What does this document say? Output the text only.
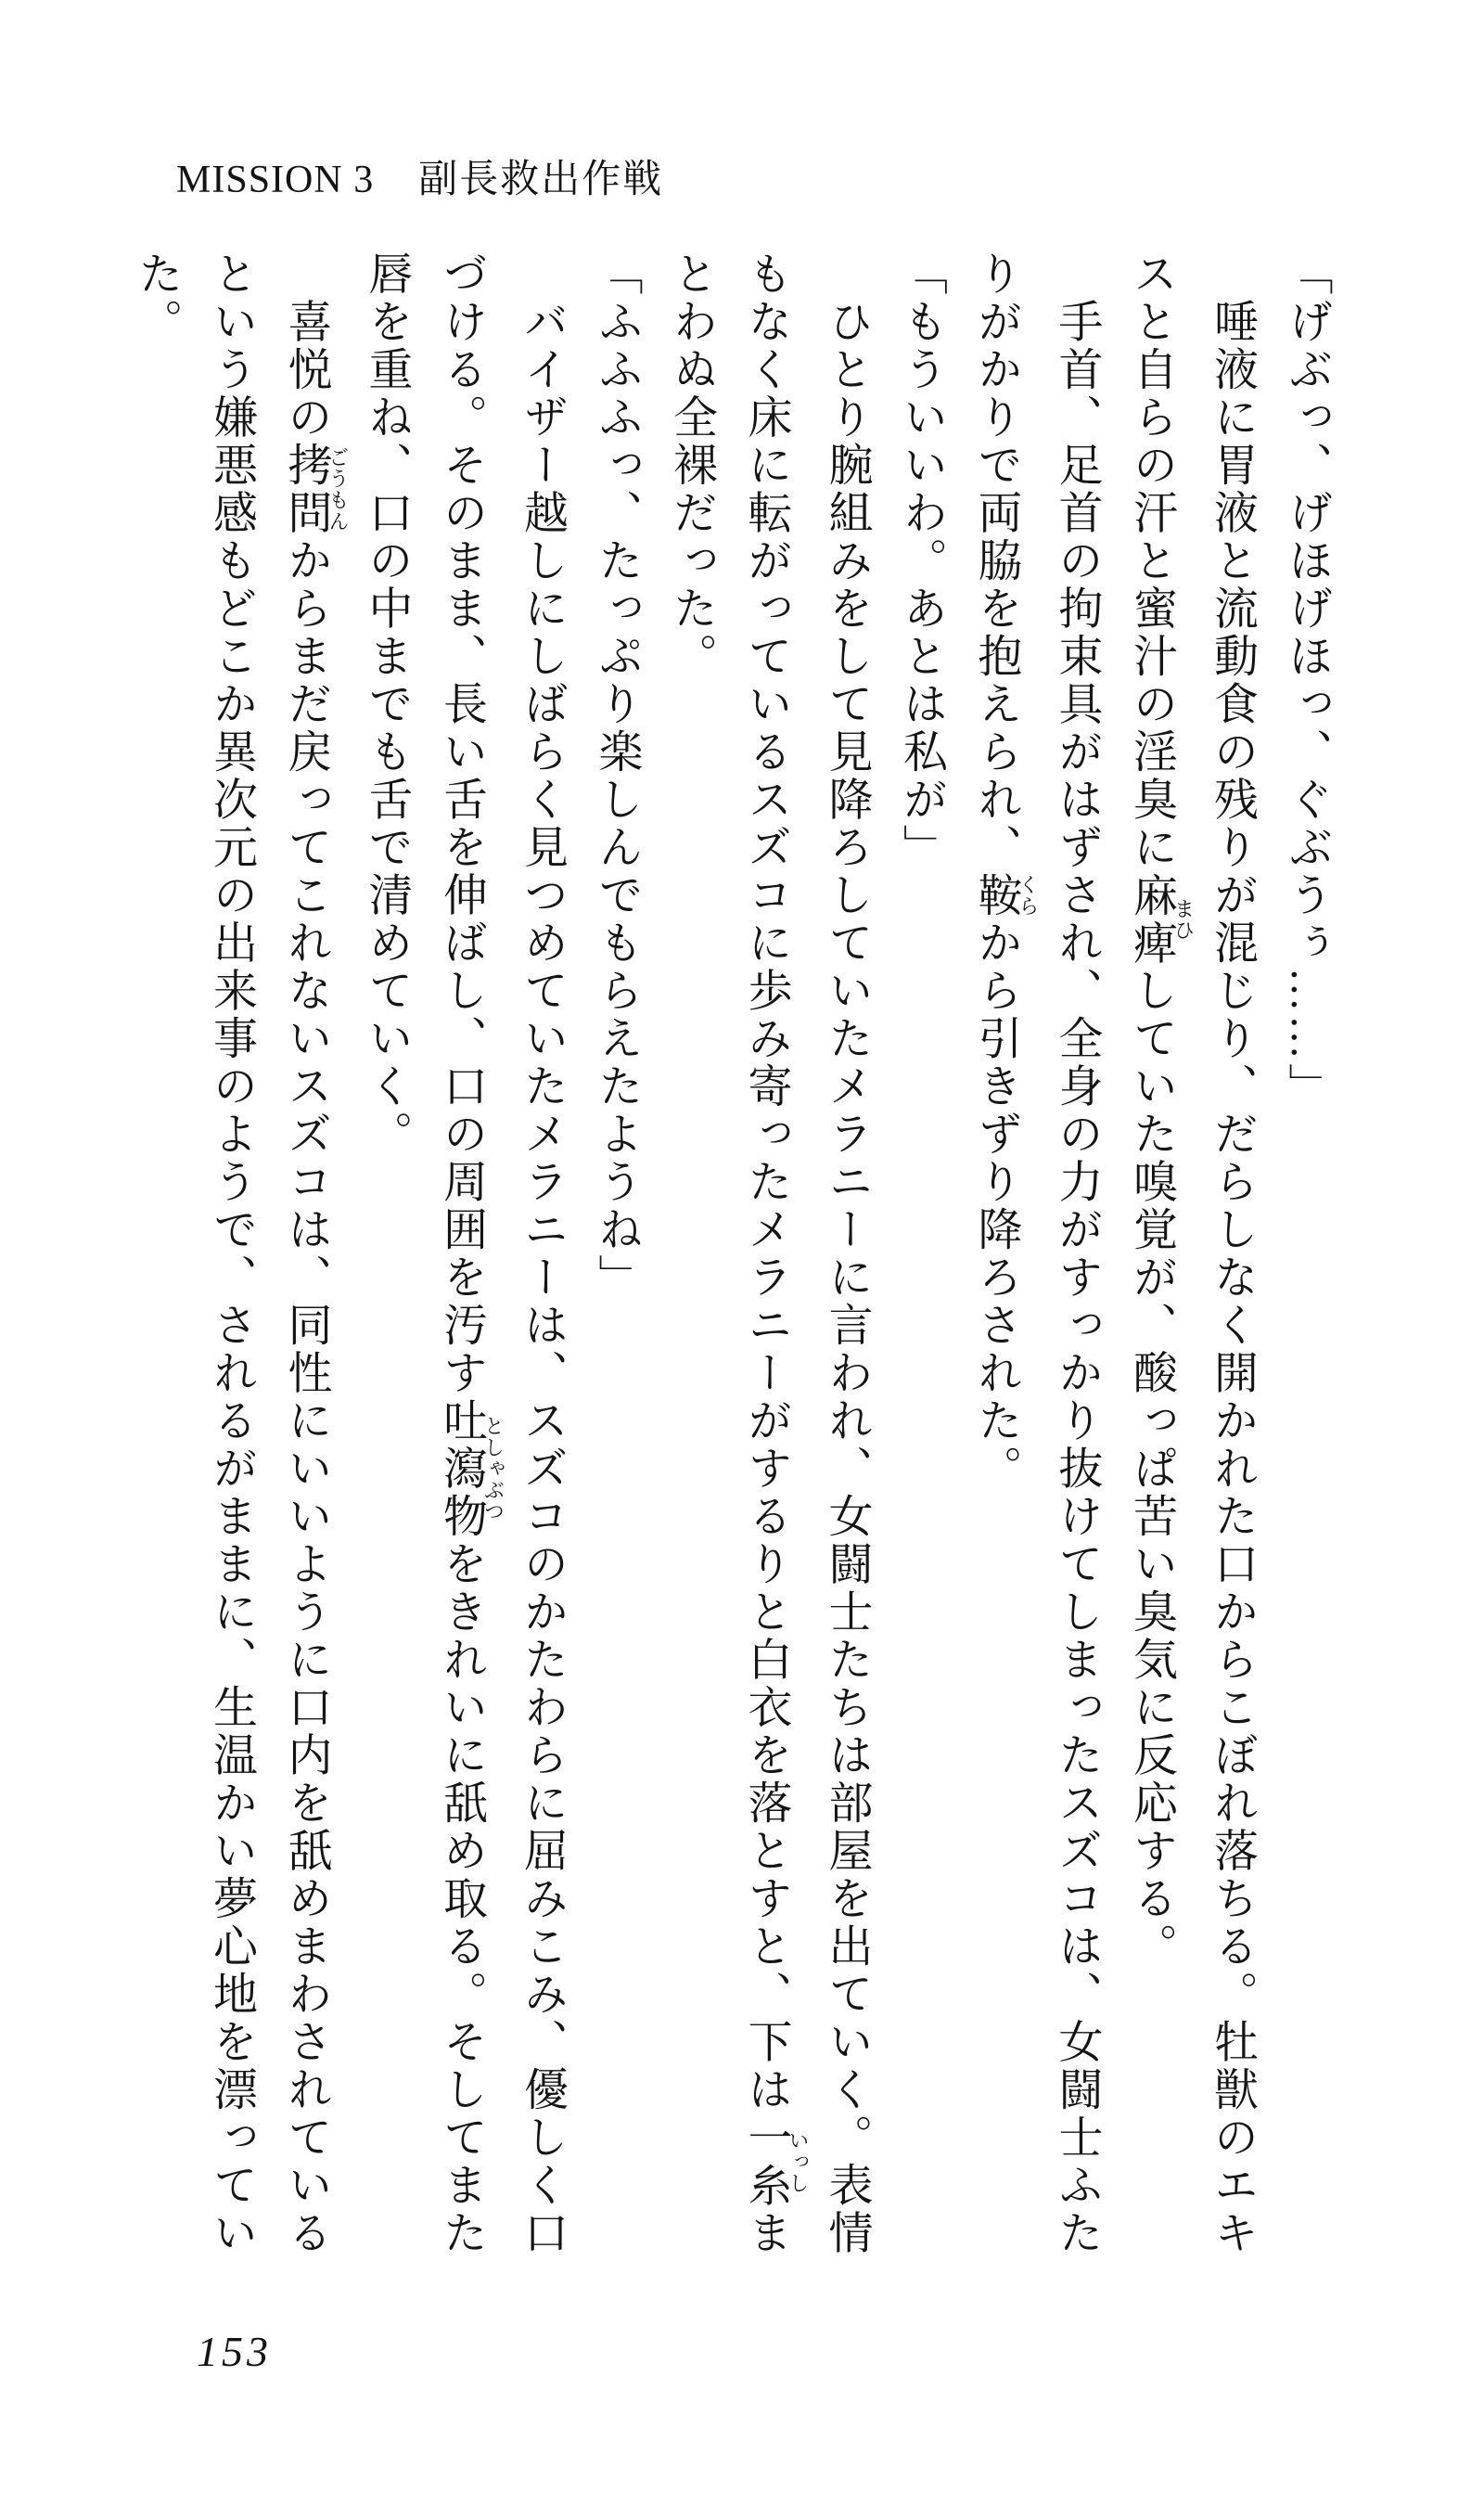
MISSION 3 副長救出作戦
「げぶっ、げほげほっ、ぐぶうぅ……」
　唾液に胃液と流動食の残りが混じり、だらしなく開かれた口からこぼれ落ちる。牡獣のエキ
スと自らの汗と蜜汁の淫臭に麻痺まひしていた嗅覚が、酸っぱ苦い臭気に反応する。
　手首、足首の拘束具がはずされ、全身の力がすっかり抜けてしまったスズコは、女闘士ふた
りがかりで両脇を抱えられ、鞍くらから引きずり降ろされた。
「もういいわ。あとは私が」
　ひとり腕組みをして見降ろしていたメラニーに言われ、女闘士たちは部屋を出ていく。表情
もなく床に転がっているスズコに歩み寄ったメラニーがするりと白衣を落とすと、下は一糸いっしま
とわぬ全裸だった。
「ふふふっ、たっぷり楽しんでもらえたようね」
　バイザー越しにしばらく見つめていたメラニーは、スズコのかたわらに屈みこみ、優しく口
づける。そのまま、長い舌を伸ばし、口の周囲を汚す吐瀉物としゃぶつをきれいに舐め取る。そしてまた
唇を重ね、口の中までも舌で清めていく。
　喜悦の拷問ごうもんからまだ戻ってこれないスズコは、同性にいいように口内を舐めまわされている
という嫌悪感もどこか異次元の出来事のようで、されるがままに、生温かい夢心地を漂ってい
た。
153
